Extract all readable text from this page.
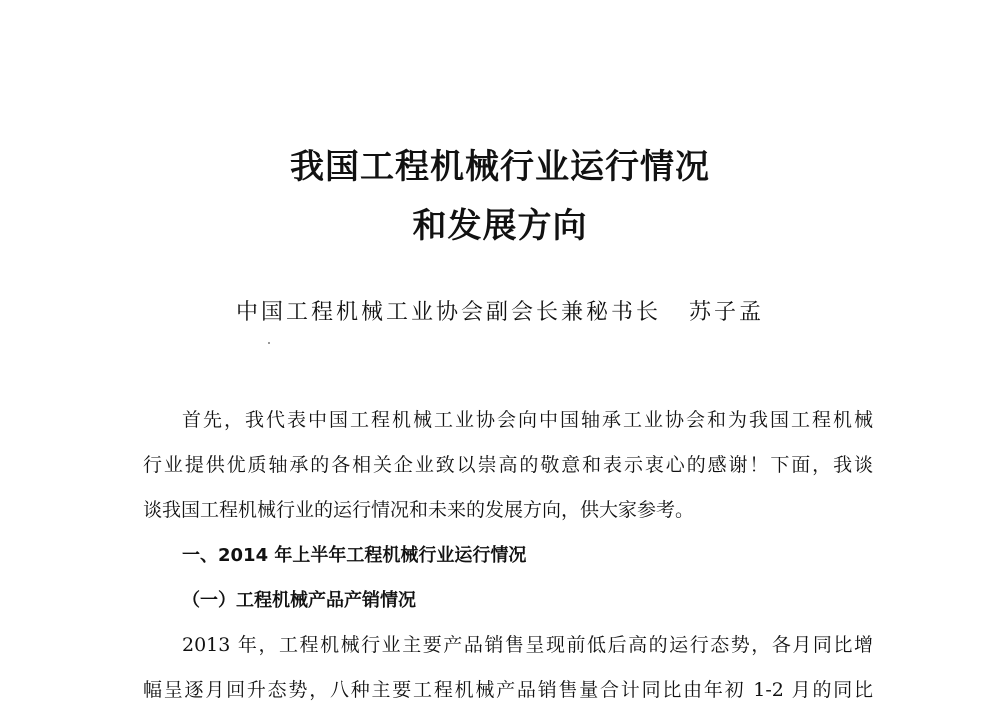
我国工程机械行业运行情况
和发展方向
中国工程机械工业协会副会长兼秘书长 苏子孟
首先，我代表中国工程机械工业协会向中国轴承工业协会和为我国工程机械
行业提供优质轴承的各相关企业致以崇高的敬意和表示衷心的感谢！下面，我谈
谈我国工程机械行业的运行情况和未来的发展方向，供大家参考。
一、2014 年上半年工程机械行业运行情况
（一）工程机械产品产销情况
2013 年，工程机械行业主要产品销售呈现前低后高的运行态势，各月同比增
幅呈逐月回升态势，八种主要工程机械产品销售量合计同比由年初 1-2 月的同比
